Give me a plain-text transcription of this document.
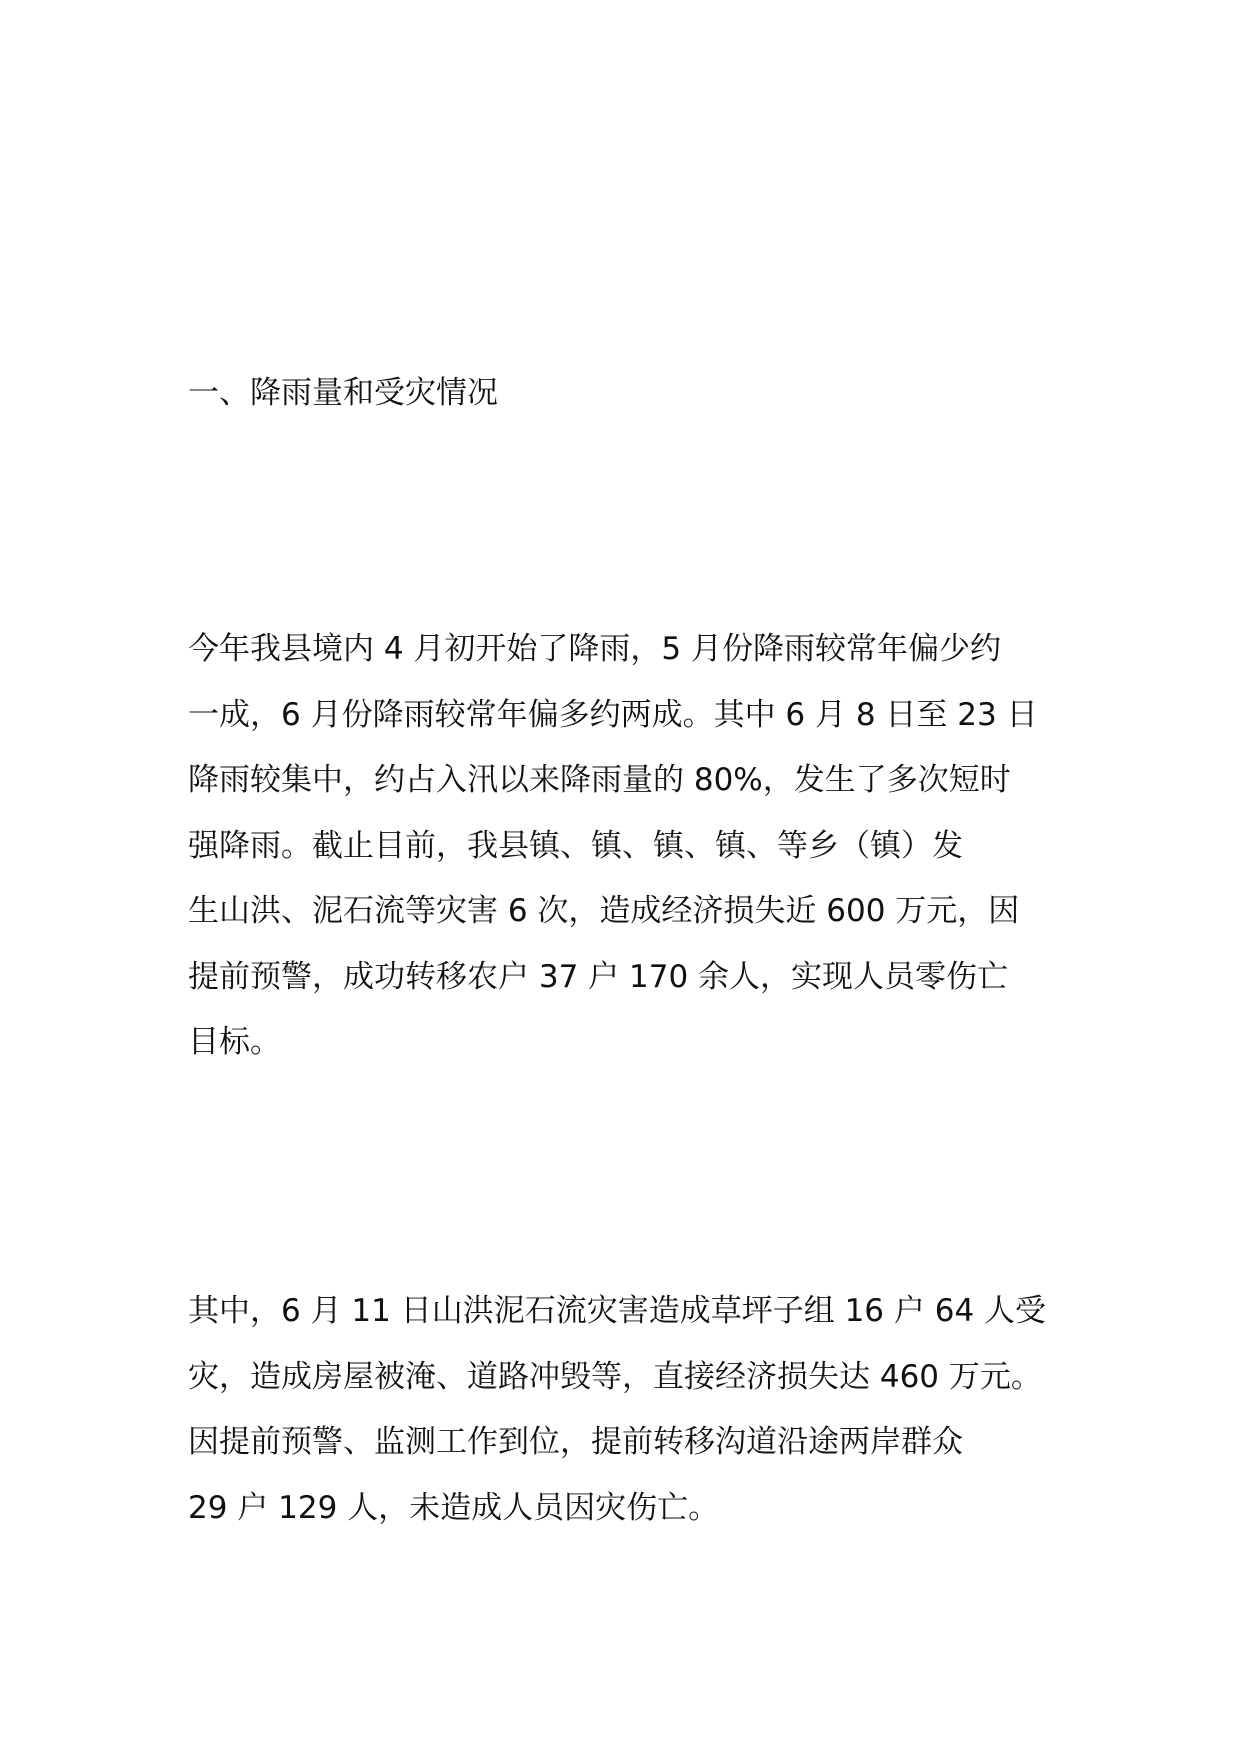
一、降雨量和受灾情况

今年我县境内 4 月初开始了降雨，5 月份降雨较常年偏少约
一成，6 月份降雨较常年偏多约两成。其中 6 月 8 日至 23 日
降雨较集中，约占入汛以来降雨量的 80%，发生了多次短时
强降雨。截止目前，我县镇、镇、镇、镇、等乡（镇）发
生山洪、泥石流等灾害 6 次，造成经济损失近 600 万元，因
提前预警，成功转移农户 37 户 170 余人，实现人员零伤亡
目标。

其中，6 月 11 日山洪泥石流灾害造成草坪子组 16 户 64 人受
灾，造成房屋被淹、道路冲毁等，直接经济损失达 460 万元。
因提前预警、监测工作到位，提前转移沟道沿途两岸群众
29 户 129 人，未造成人员因灾伤亡。
